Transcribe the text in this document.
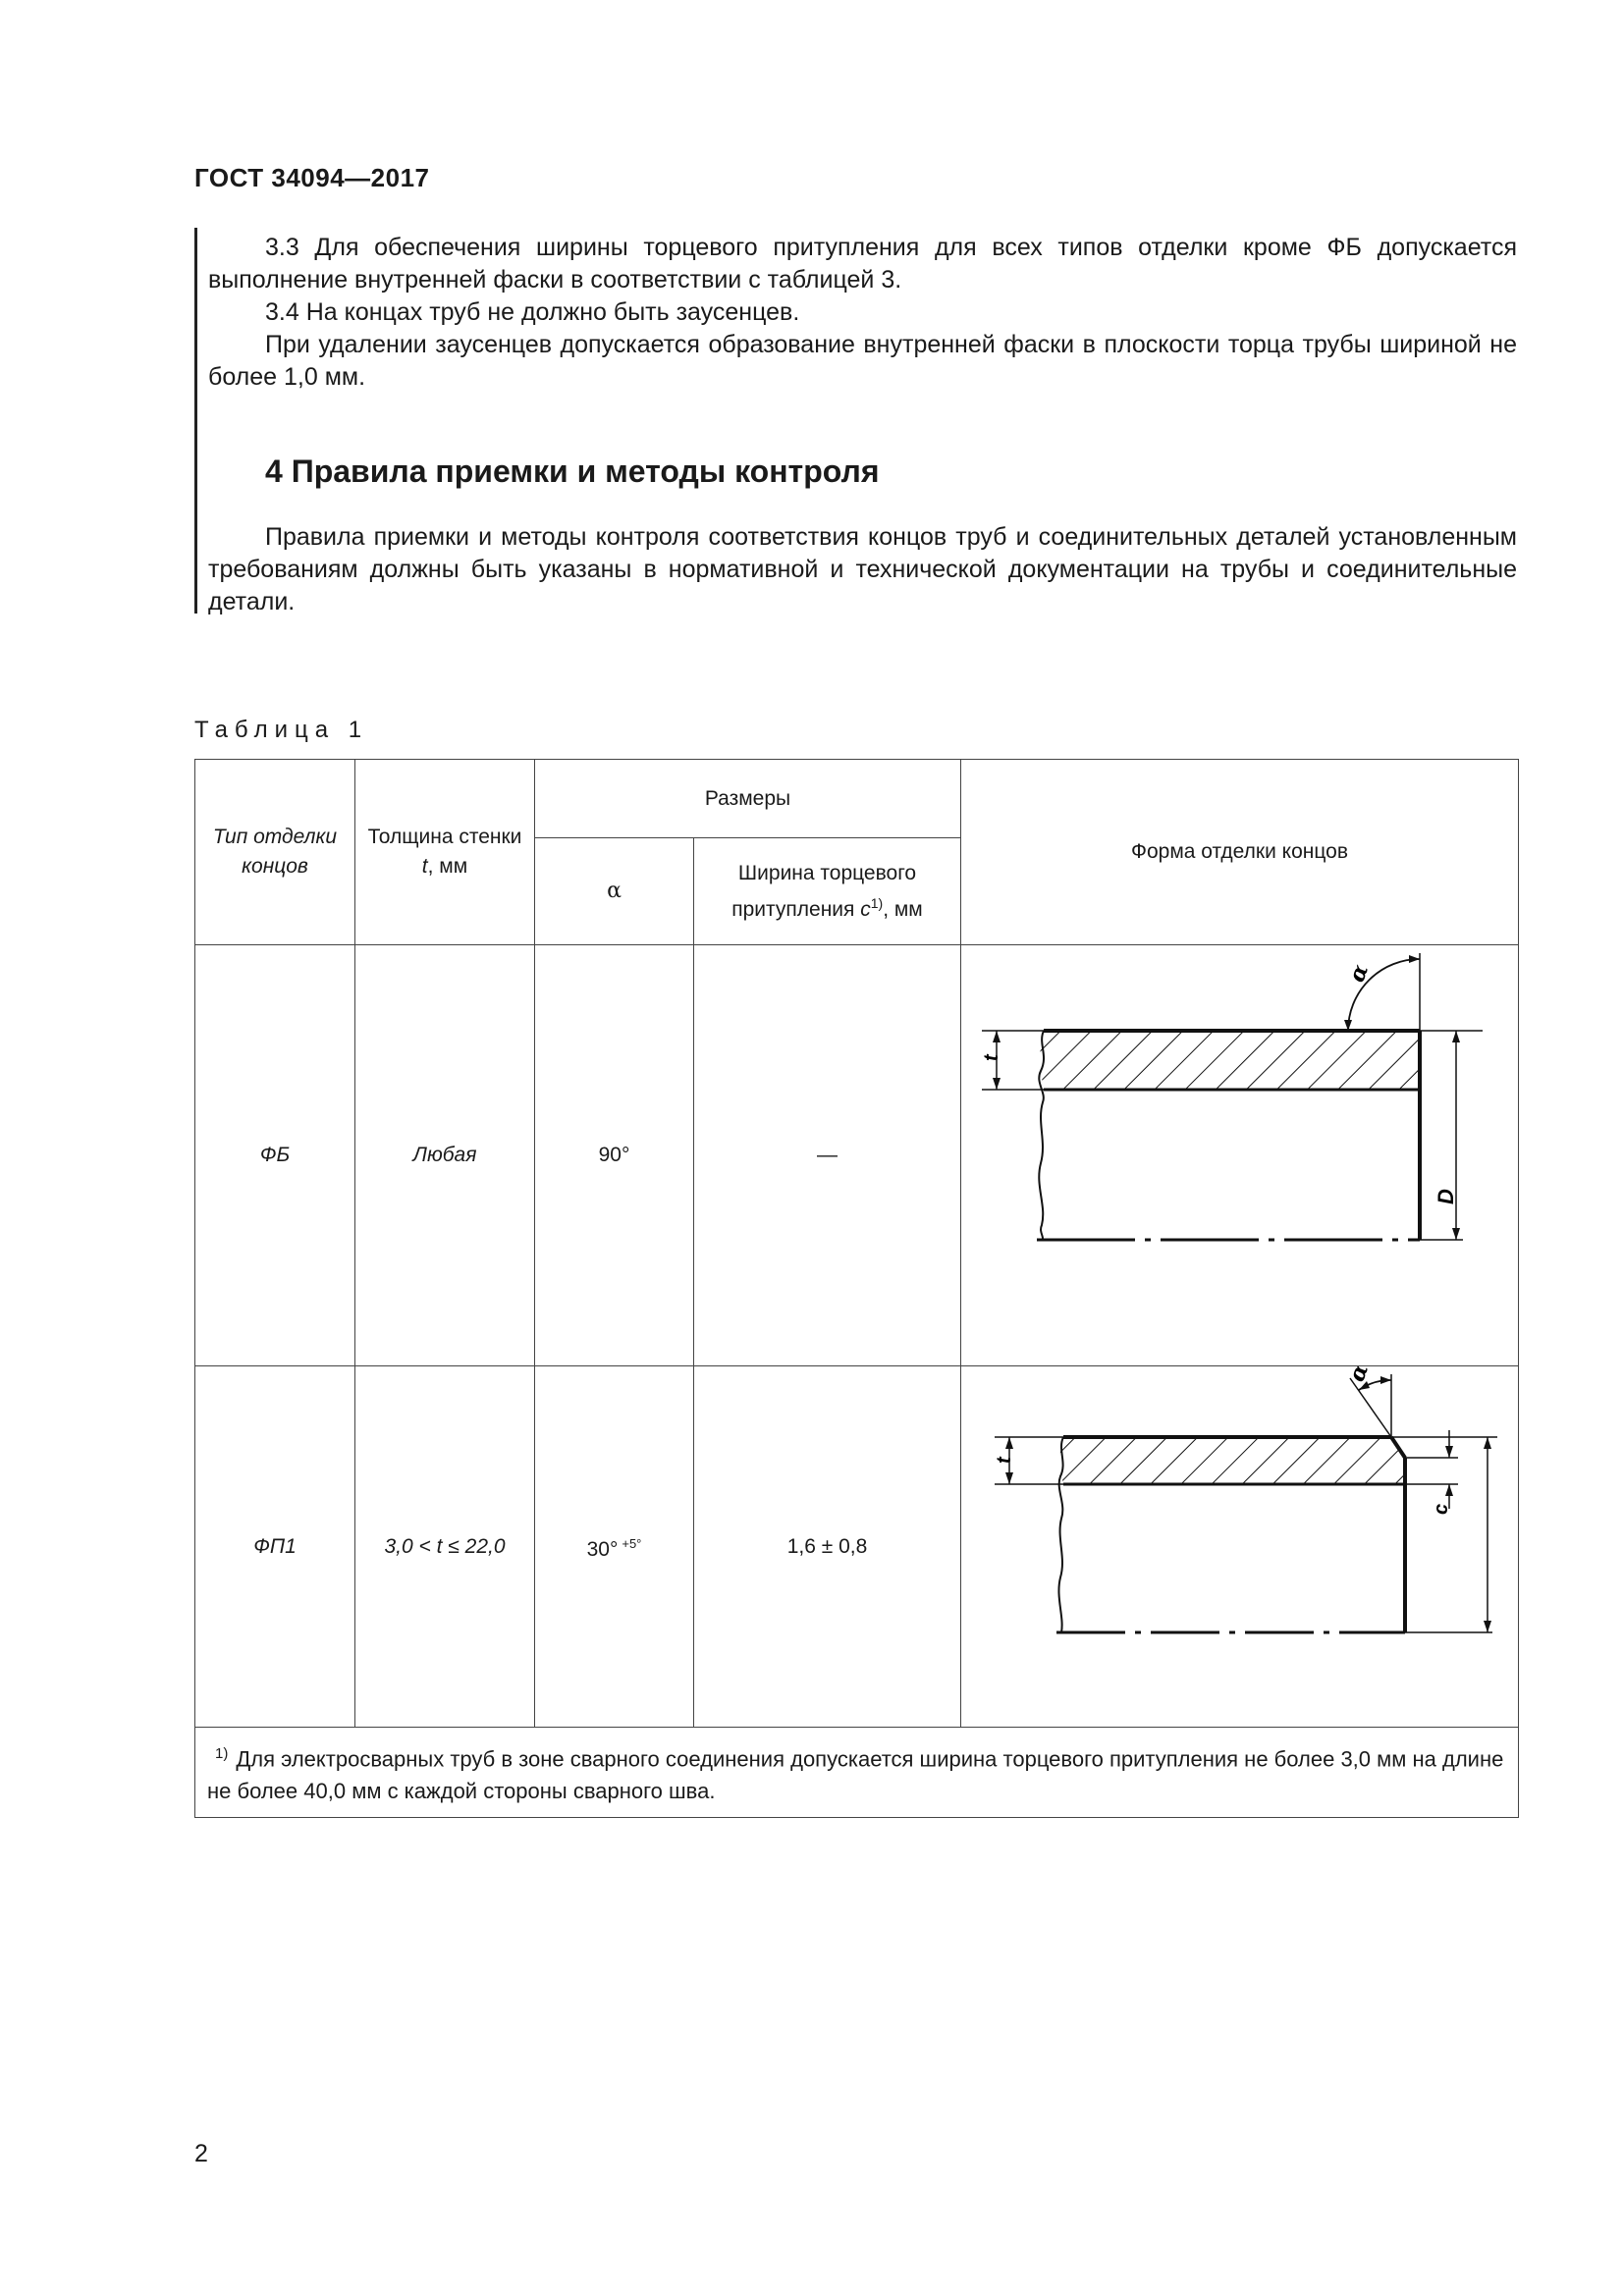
ГОСТ 34094—2017

3.3 Для обеспечения ширины торцевого притупления для всех типов отделки кроме ФБ допускается выполнение внутренней фаски в соответствии с таблицей 3.

3.4 На концах труб не должно быть заусенцев.

При удалении заусенцев допускается образование внутренней фаски в плоскости торца трубы шириной не более 1,0 мм.

4 Правила приемки и методы контроля

Правила приемки и методы контроля соответствия концов труб и соединительных деталей установленным требованиям должны быть указаны в нормативной и технической документации на трубы и соединительные детали.

Таблица 1
Тип отделки концов	Толщина стенки t, мм	Размеры		Форма отделки концов
		α	Ширина торцевого притупления $c^{1)}$, мм	
ФБ	Любая	90°	—	t
D
α

ФП1	3,0 < t ≤ 22,0	30° $^{+5^\circ}$	1,6 ± 0,8	t
c
α

$^{1)}$ Для электросварных труб в зоне сварного соединения допускается ширина торцевого притупления не более 3,0 мм на длине не более 40,0 мм с каждой стороны сварного шва.				
2
